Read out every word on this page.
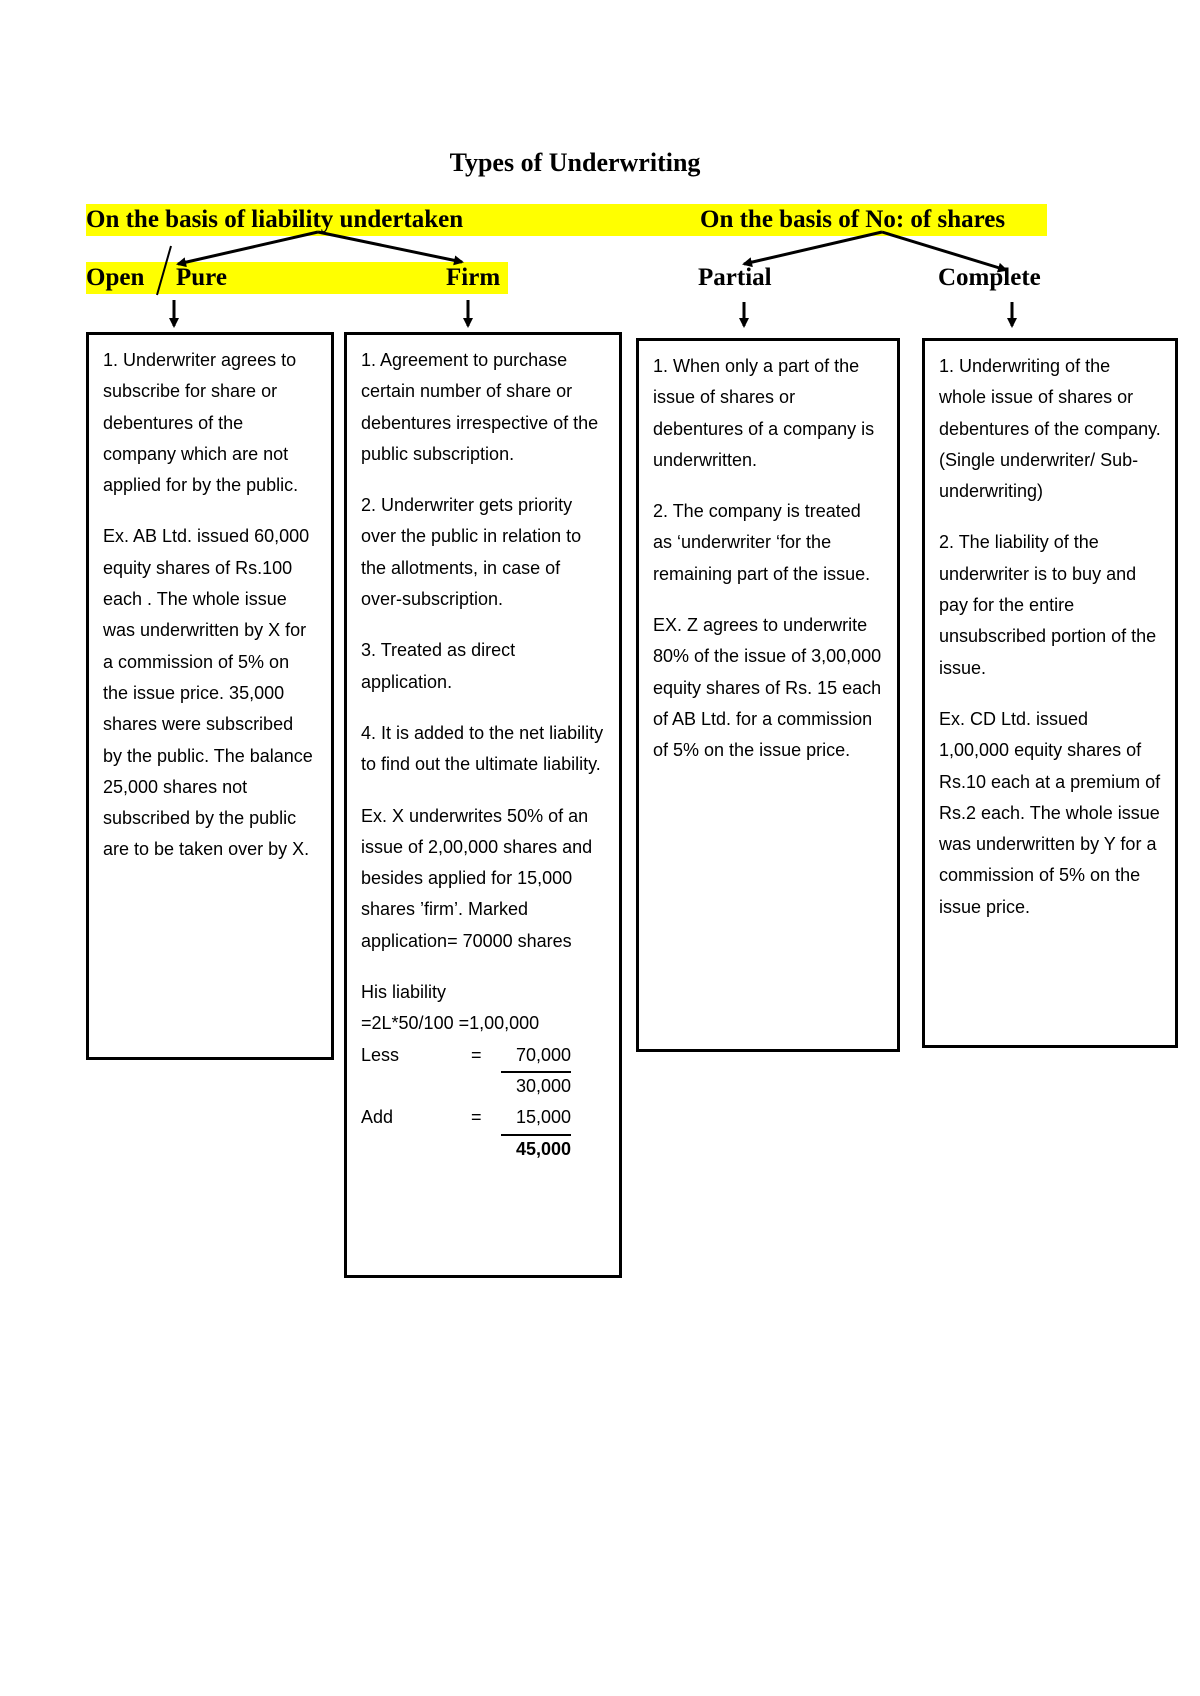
Types of Underwriting
On the basis of liability undertaken	On the basis of No: of shares
Open Pure	Firm	Partial	Complete

1. Underwriter agrees to subscribe for share or debentures of the company which are not applied for by the public.

Ex. AB Ltd. issued 60,000 equity shares of Rs.100 each . The whole issue was underwritten by X for a commission of 5% on the issue price. 35,000 shares were subscribed by the public. The balance 25,000 shares not subscribed by the public are to be taken over by X.

1. Agreement to purchase certain number of share or debentures irrespective of the public subscription.

2. Underwriter gets priority over the public in relation to the allotments, in case of over-subscription.

3. Treated as direct application.

4. It is added to the net liability to find out the ultimate liability.

Ex. X underwrites 50% of an issue of 2,00,000 shares and besides applied for 15,000 shares ’firm’. Marked application= 70000 shares

His liability
=2L*50/100 =1,00,000
Less	=	70,000
30,000
Add	=	15,000
45,000

1. When only a part of the issue of shares or debentures of a company is underwritten.

2. The company is treated as ‘underwriter ‘for the remaining part of the issue.

EX. Z agrees to underwrite 80% of the issue of 3,00,000 equity shares of Rs. 15 each of AB Ltd. for a commission of 5% on the issue price.

1. Underwriting of the whole issue of shares or debentures of the company.(Single underwriter/ Sub-underwriting)

2. The liability of the underwriter is to buy and pay for the entire unsubscribed portion of the issue.

Ex. CD Ltd. issued 1,00,000 equity shares of Rs.10 each at a premium of Rs.2 each. The whole issue was underwritten by Y for a commission of 5% on the issue price.
